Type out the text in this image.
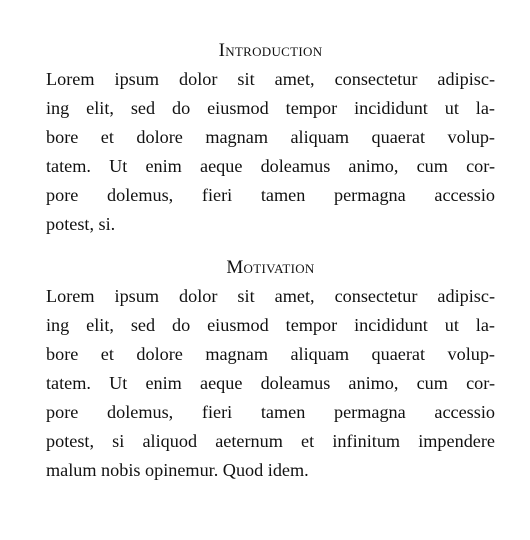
Introduction
Lorem ipsum dolor sit amet, consectetur adipisc-
ing elit, sed do eiusmod tempor incididunt ut la-
bore et dolore magnam aliquam quaerat volup-
tatem. Ut enim aeque doleamus animo, cum cor-
pore dolemus, fieri tamen permagna accessio
potest, si.
Motivation
Lorem ipsum dolor sit amet, consectetur adipisc-
ing elit, sed do eiusmod tempor incididunt ut la-
bore et dolore magnam aliquam quaerat volup-
tatem. Ut enim aeque doleamus animo, cum cor-
pore dolemus, fieri tamen permagna accessio
potest, si aliquod aeternum et infinitum impendere
malum nobis opinemur. Quod idem.
